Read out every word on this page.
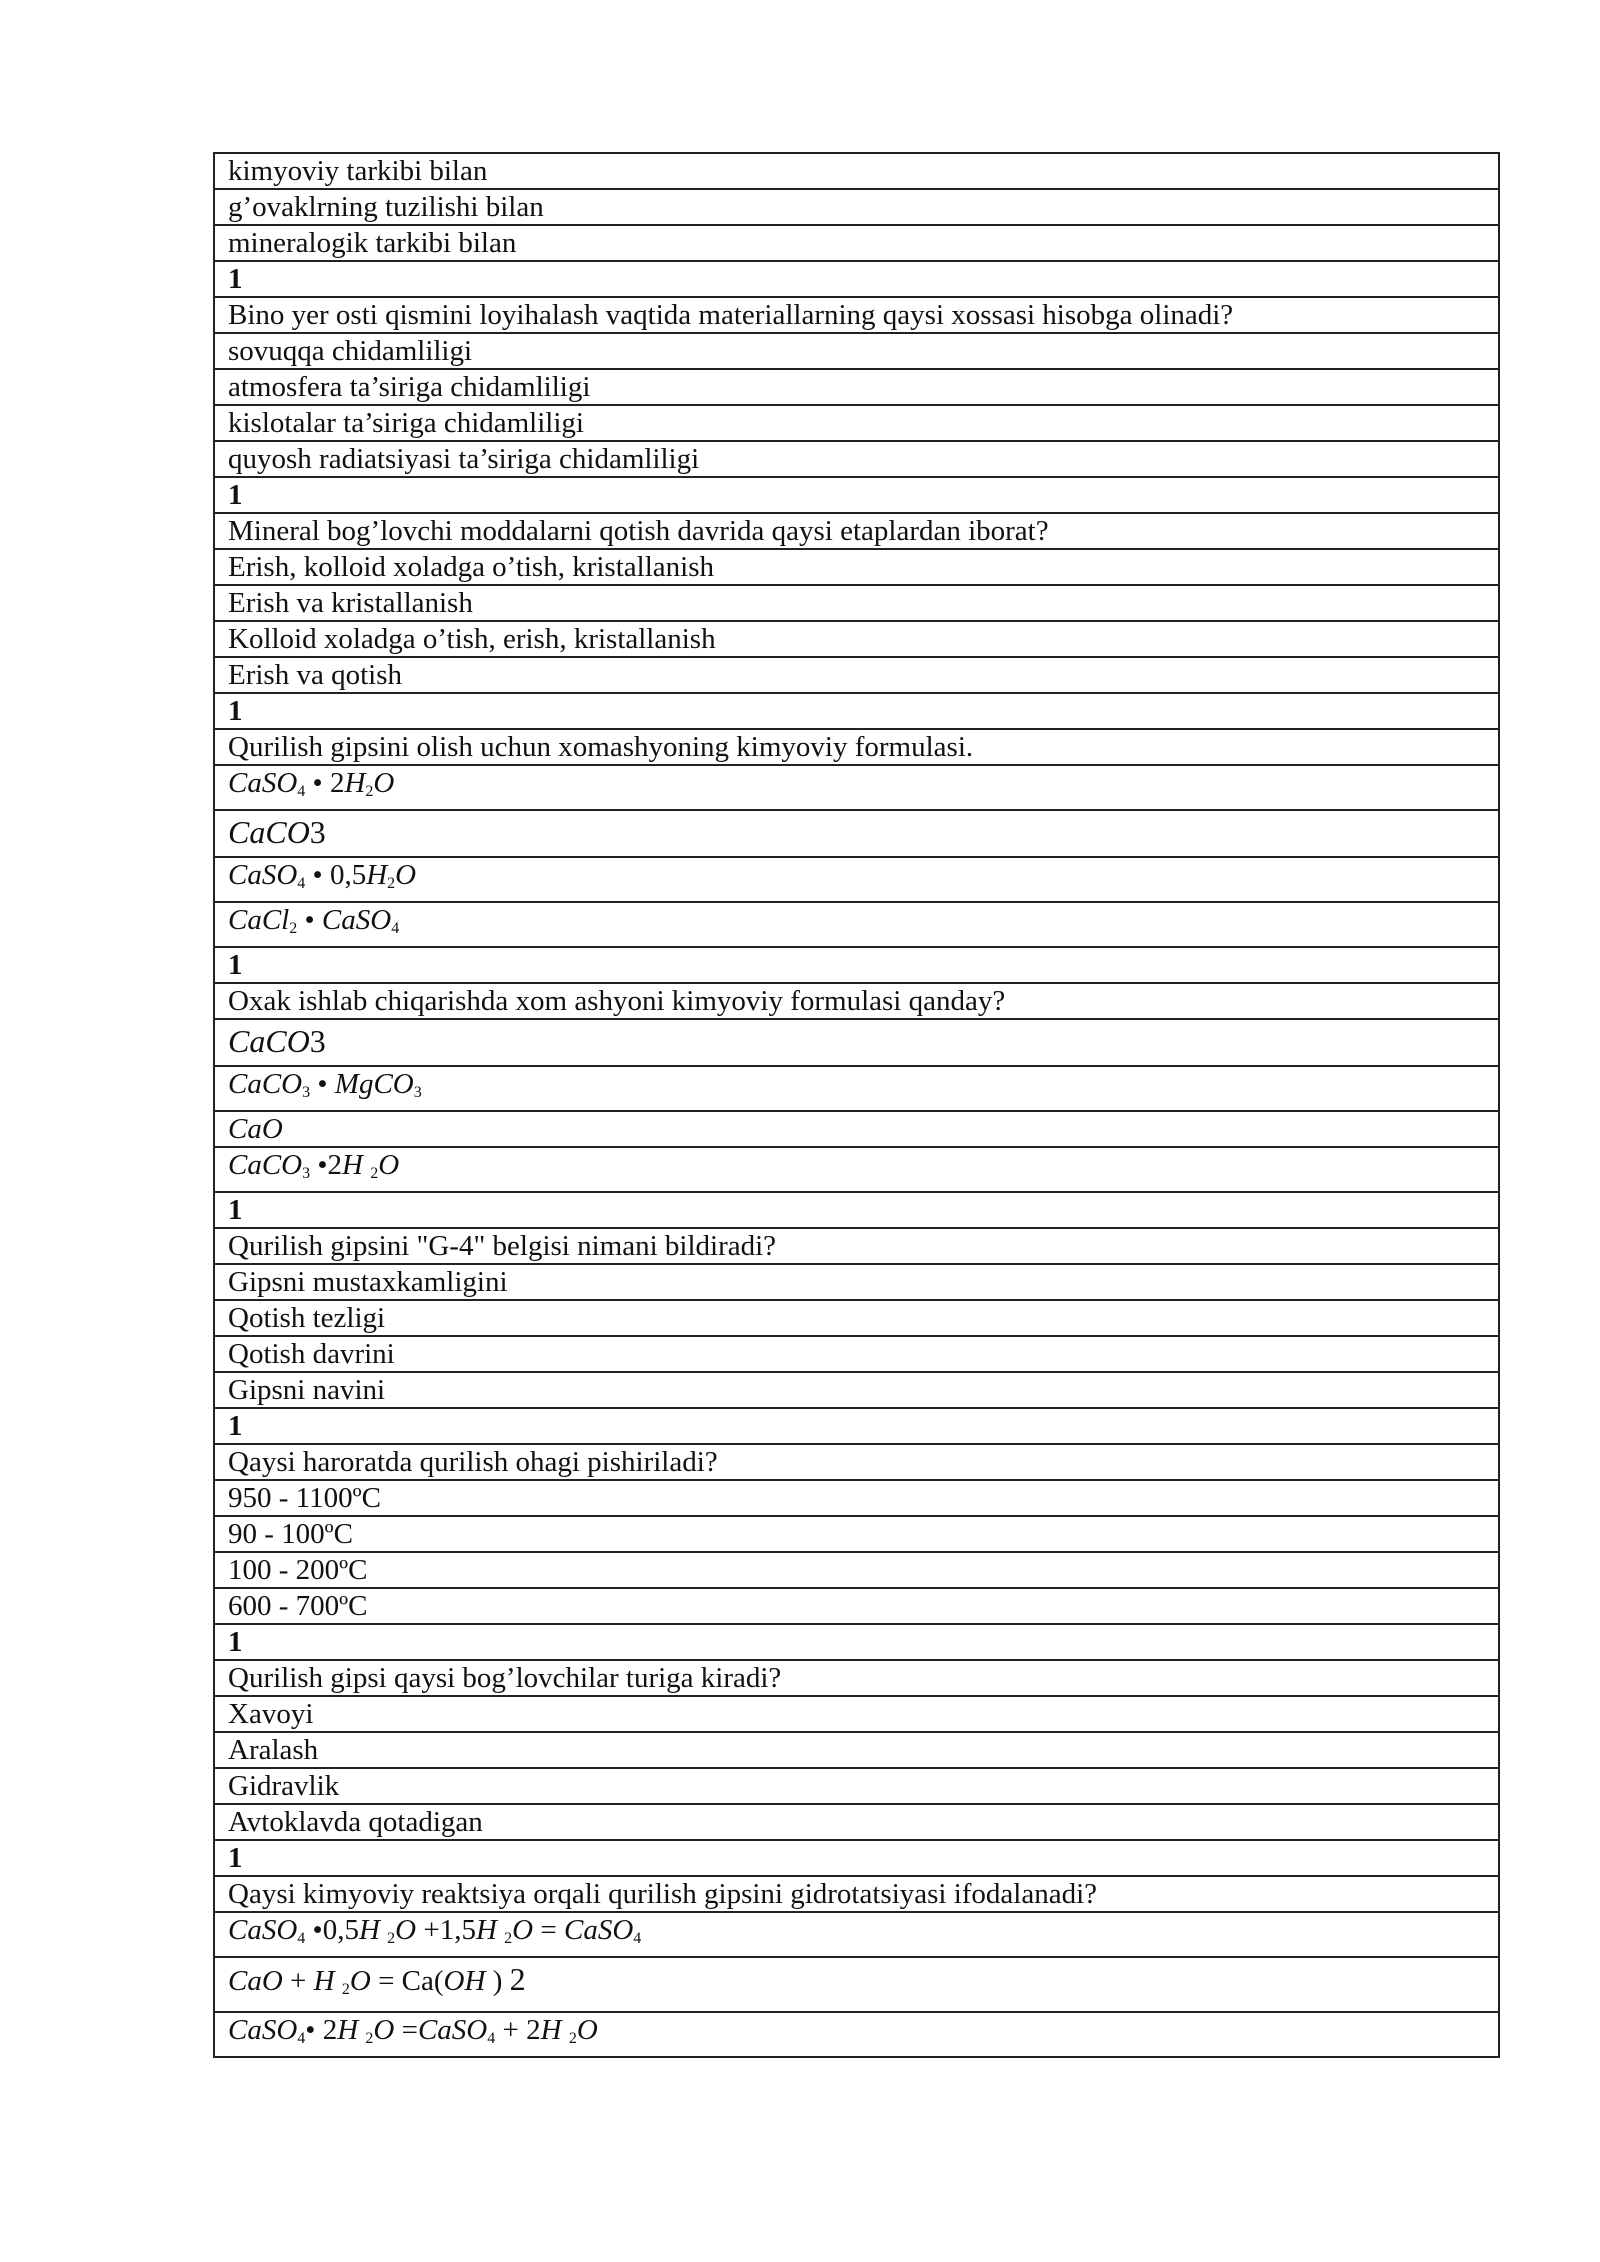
kimyoviy tarkibi bilan
g’ovaklrning tuzilishi bilan
mineralogik tarkibi bilan
1
Bino yer osti qismini loyihalash vaqtida materiallarning qaysi xossasi hisobga olinadi?
sovuqqa chidamliligi
atmosfera ta’siriga chidamliligi
kislotalar ta’siriga chidamliligi
quyosh radiatsiyasi ta’siriga chidamliligi
1
Mineral bog’lovchi moddalarni qotish davrida qaysi etaplardan iborat?
Erish, kolloid xoladga o’tish, kristallanish
Erish va kristallanish
Kolloid xoladga o’tish, erish, kristallanish
Erish va qotish
1
Qurilish gipsini olish uchun xomashyoning kimyoviy formulasi.
CaSO$_4$ • $2H_2O$
CaCO3
CaSO$_4$ • $0,5H_2O$
CaCl$_2$ • CaSO$_4$
1
Oxak ishlab chiqarishda xom ashyoni kimyoviy formulasi qanday?
CaCO3
CaCO$_3$ • MgCO$_3$
CaO
CaCO$_3$ •2H $_2$O
1
Qurilish gipsini "G-4" belgisi nimani bildiradi?
Gipsni mustaxkamligini
Qotish tezligi
Qotish davrini
Gipsni navini
1
Qaysi haroratda qurilish ohagi pishiriladi?
950 - 1100ºC
90 - 100ºC
100 - 200ºC
600 - 700ºC
1
Qurilish gipsi qaysi bog’lovchilar turiga kiradi?
Xavoyi
Aralash
Gidravlik
Avtoklavda qotadigan
1
Qaysi kimyoviy reaktsiya orqali qurilish gipsini gidrotatsiyasi ifodalanadi?
CaSO$_4$ •0,5H $_2$O +1,5H $_2$O = CaSO$_4$
CaO + H $_2$O = Ca(OH ) 2
CaSO$_4$• 2H $_2$O =CaSO$_4$ + 2H $_2$O
